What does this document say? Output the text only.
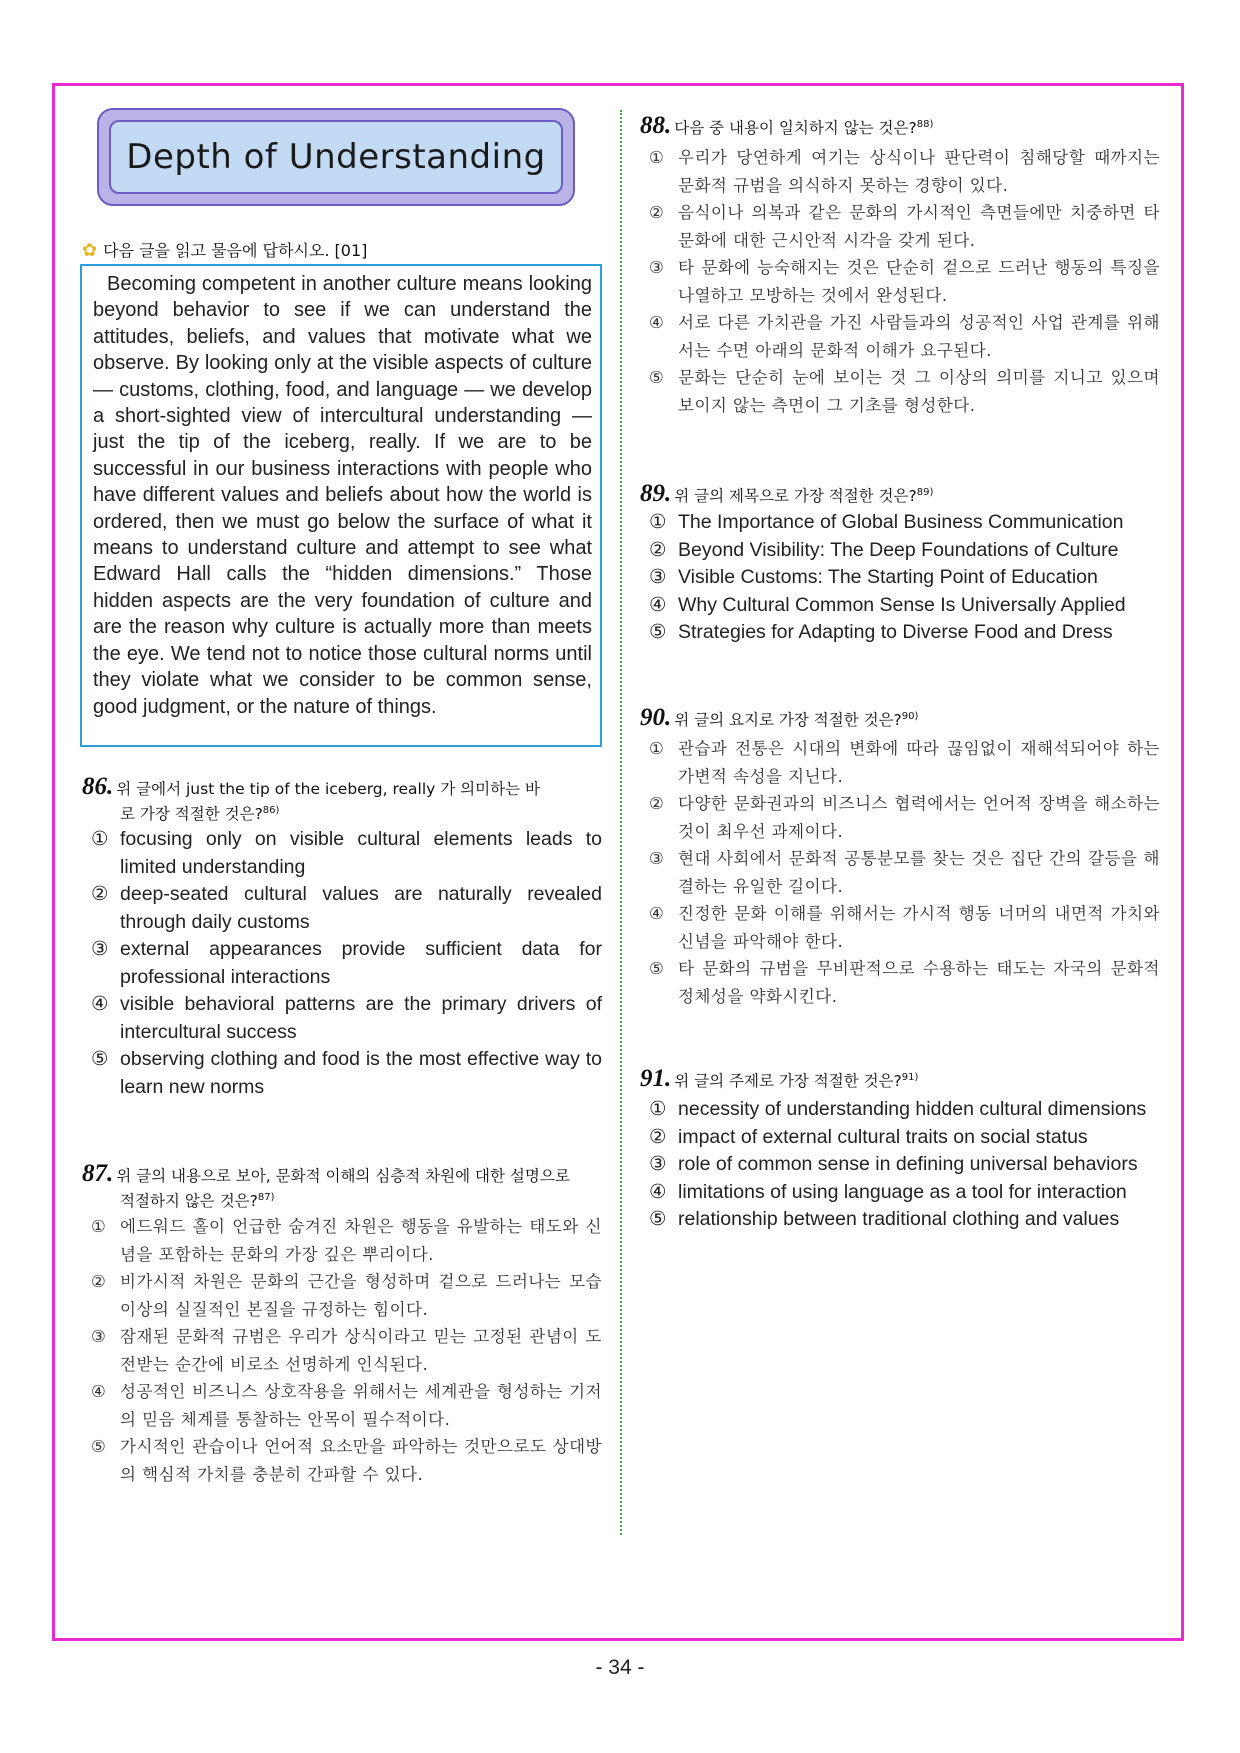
Depth of Understanding
✿ 다음 글을 읽고 물음에 답하시오. [01]
Becoming competent in another culture means looking beyond behavior to see if we can understand the attitudes, beliefs, and values that motivate what we observe. By looking only at the visible aspects of culture — customs, clothing, food, and language — we develop a short-sighted view of intercultural understanding — just the tip of the iceberg, really. If we are to be successful in our business interactions with people who have different values and beliefs about how the world is ordered, then we must go below the surface of what it means to understand culture and attempt to see what Edward Hall calls the “hidden dimensions.” Those hidden aspects are the very foundation of culture and are the reason why culture is actually more than meets the eye. We tend not to notice those cultural norms until they violate what we consider to be common sense, good judgment, or the nature of things.
86. 위 글에서 just the tip of the iceberg, really 가 의미하는 바
로 가장 적절한 것은?$^{86)}$
① focusing only on visible cultural elements leads to limited understanding
② deep-seated cultural values are naturally revealed through daily customs
③ external appearances provide sufficient data for professional interactions
④ visible behavioral patterns are the primary drivers of intercultural success
⑤ observing clothing and food is the most effective way to learn new norms
87. 위 글의 내용으로 보아, 문화적 이해의 심층적 차원에 대한 설명으로
적절하지 않은 것은?$^{87)}$
① 에드워드 홀이 언급한 숨겨진 차원은 행동을 유발하는 태도와 신념을 포함하는 문화의 가장 깊은 뿌리이다.
② 비가시적 차원은 문화의 근간을 형성하며 겉으로 드러나는 모습 이상의 실질적인 본질을 규정하는 힘이다.
③ 잠재된 문화적 규범은 우리가 상식이라고 믿는 고정된 관념이 도전받는 순간에 비로소 선명하게 인식된다.
④ 성공적인 비즈니스 상호작용을 위해서는 세계관을 형성하는 기저의 믿음 체계를 통찰하는 안목이 필수적이다.
⑤ 가시적인 관습이나 언어적 요소만을 파악하는 것만으로도 상대방의 핵심적 가치를 충분히 간파할 수 있다.
88. 다음 중 내용이 일치하지 않는 것은?$^{88)}$
① 우리가 당연하게 여기는 상식이나 판단력이 침해당할 때까지는 문화적 규범을 의식하지 못하는 경향이 있다.
② 음식이나 의복과 같은 문화의 가시적인 측면들에만 치중하면 타 문화에 대한 근시안적 시각을 갖게 된다.
③ 타 문화에 능숙해지는 것은 단순히 겉으로 드러난 행동의 특징을 나열하고 모방하는 것에서 완성된다.
④ 서로 다른 가치관을 가진 사람들과의 성공적인 사업 관계를 위해서는 수면 아래의 문화적 이해가 요구된다.
⑤ 문화는 단순히 눈에 보이는 것 그 이상의 의미를 지니고 있으며 보이지 않는 측면이 그 기초를 형성한다.
89. 위 글의 제목으로 가장 적절한 것은?$^{89)}$
① The Importance of Global Business Communication
② Beyond Visibility: The Deep Foundations of Culture
③ Visible Customs: The Starting Point of Education
④ Why Cultural Common Sense Is Universally Applied
⑤ Strategies for Adapting to Diverse Food and Dress
90. 위 글의 요지로 가장 적절한 것은?$^{90)}$
① 관습과 전통은 시대의 변화에 따라 끊임없이 재해석되어야 하는 가변적 속성을 지닌다.
② 다양한 문화권과의 비즈니스 협력에서는 언어적 장벽을 해소하는 것이 최우선 과제이다.
③ 현대 사회에서 문화적 공통분모를 찾는 것은 집단 간의 갈등을 해결하는 유일한 길이다.
④ 진정한 문화 이해를 위해서는 가시적 행동 너머의 내면적 가치와 신념을 파악해야 한다.
⑤ 타 문화의 규범을 무비판적으로 수용하는 태도는 자국의 문화적 정체성을 약화시킨다.
91. 위 글의 주제로 가장 적절한 것은?$^{91)}$
① necessity of understanding hidden cultural dimensions
② impact of external cultural traits on social status
③ role of common sense in defining universal behaviors
④ limitations of using language as a tool for interaction
⑤ relationship between traditional clothing and values
- 34 -
